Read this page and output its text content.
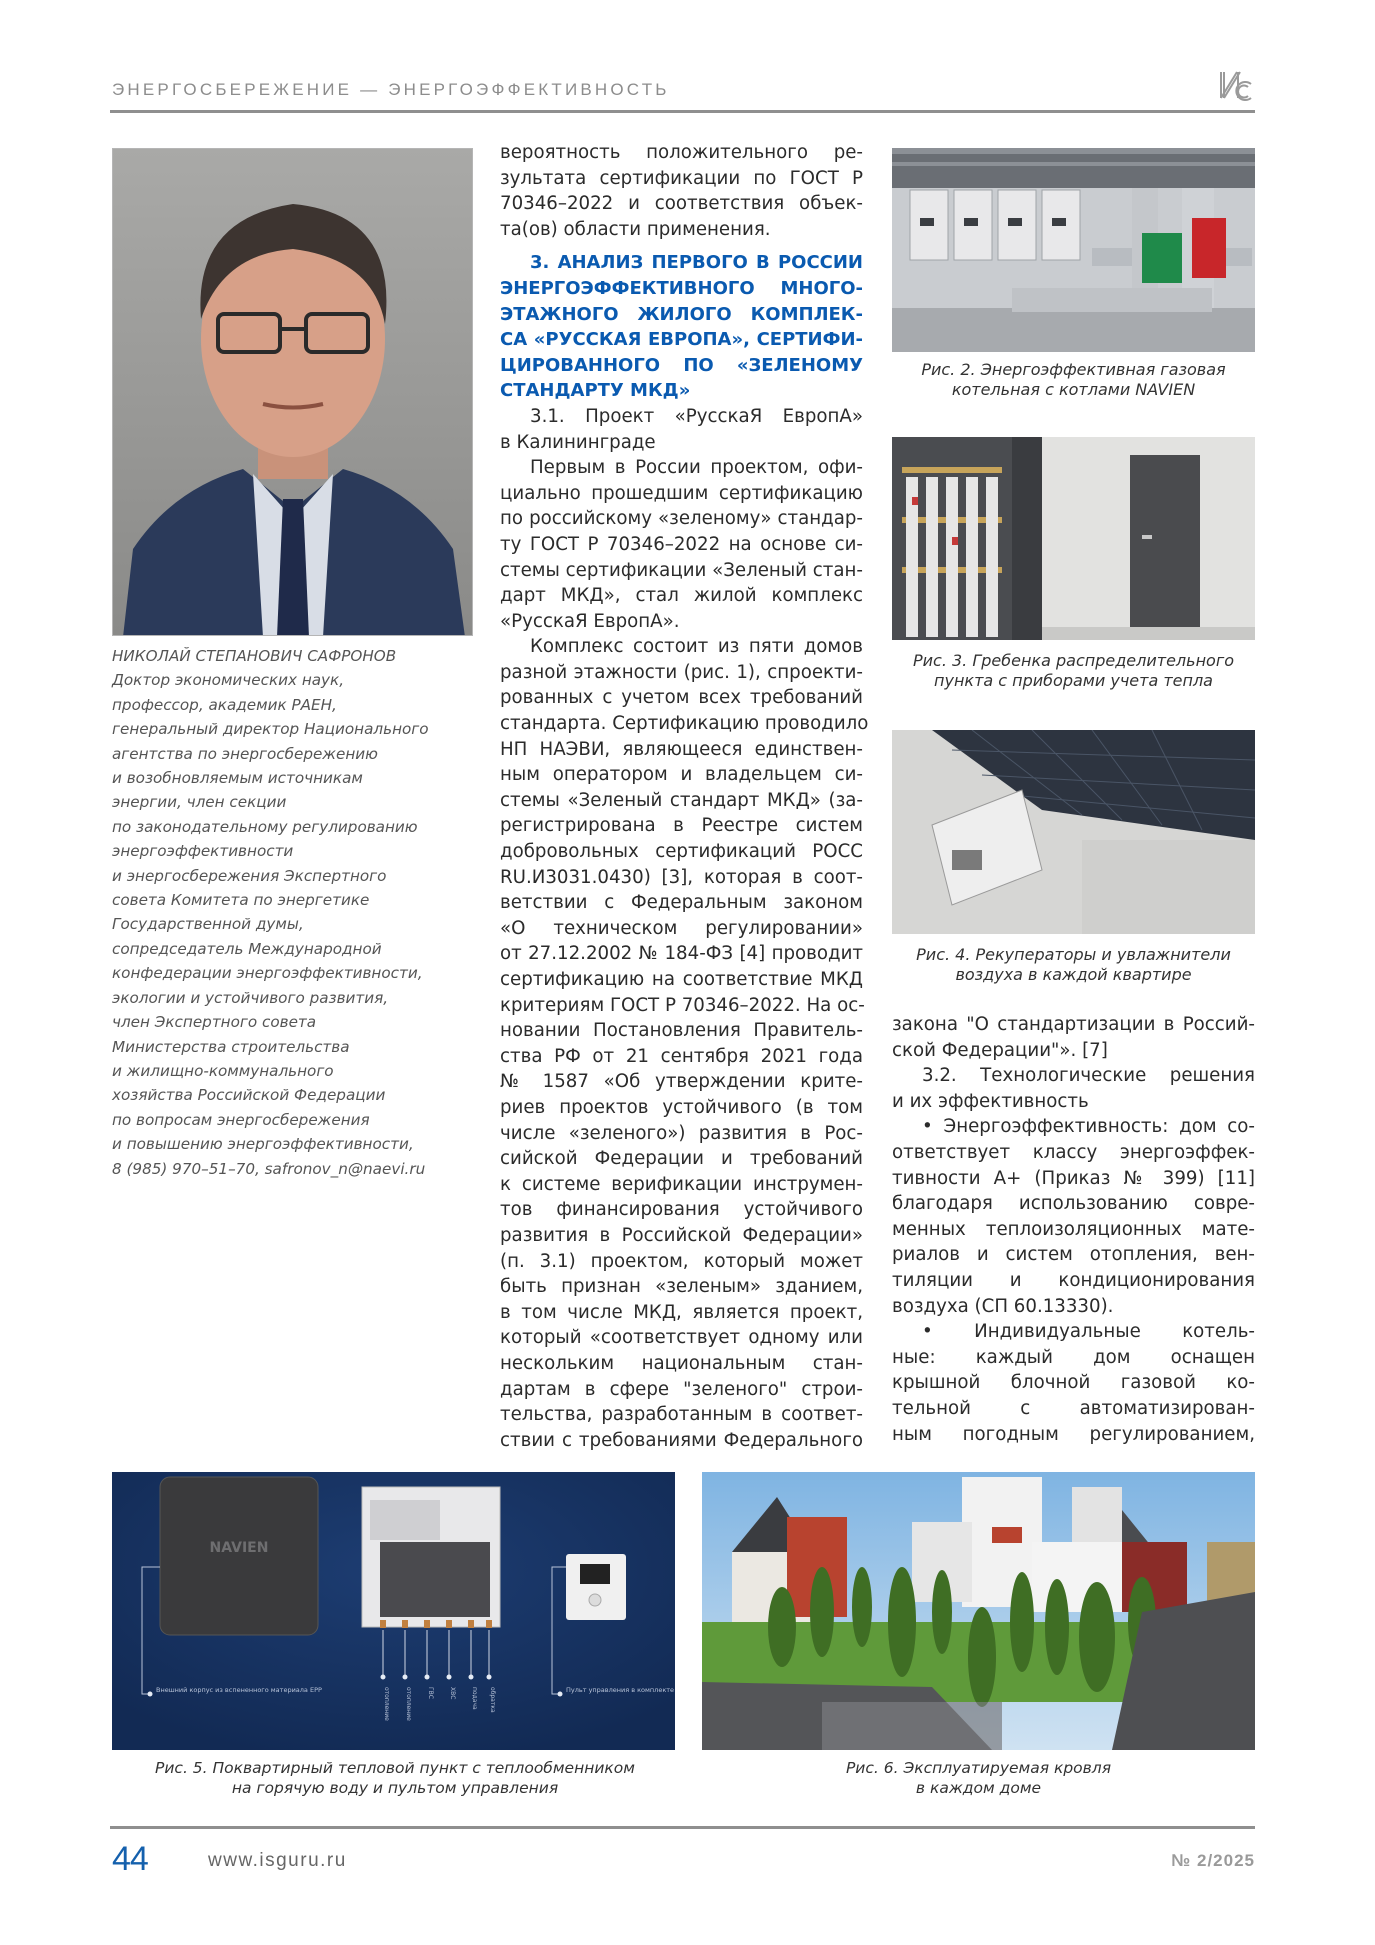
ЭНЕРГОСБЕРЕЖЕНИЕ — ЭНЕРГОЭФФЕКТИВНОСТЬ
НИКОЛАЙ СТЕПАНОВИЧ САФРОНОВ
Доктор экономических наук,
профессор, академик РАЕН,
генеральный директор Национального
агентства по энергосбережению
и возобновляемым источникам
энергии, член секции
по законодательному регулированию
энергоэффективности
и энергосбережения Экспертного
совета Комитета по энергетике
Государственной думы,
сопредседатель Международной
конфедерации энергоэффективности,
экологии и устойчивого развития,
член Экспертного совета
Министерства строительства
и жилищно-коммунального
хозяйства Российской Федерации
по вопросам энергосбережения
и повышению энергоэффективности,
8 (985) 970–51–70, safronov_n@naevi.ru
вероятность положительного ре-
зультата сертификации по ГОСТ Р
70346–2022 и соответствия объек-
та(ов) области применения.
3. АНАЛИЗ ПЕРВОГО В РОССИИ
ЭНЕРГОЭФФЕКТИВНОГО МНОГО-
ЭТАЖНОГО ЖИЛОГО КОМПЛЕК-
СА «РУССКАЯ ЕВРОПА», СЕРТИФИ-
ЦИРОВАННОГО ПО «ЗЕЛЕНОМУ
СТАНДАРТУ МКД»
3.1. Проект «РусскаЯ ЕвропА»
в Калининграде
Первым в России проектом, офи-
циально прошедшим сертификацию
по российскому «зеленому» стандар-
ту ГОСТ Р 70346–2022 на основе си-
стемы сертификации «Зеленый стан-
дарт МКД», стал жилой комплекс
«РусскаЯ ЕвропА».
Комплекс состоит из пяти домов
разной этажности (рис. 1), спроекти-
рованных с учетом всех требований
стандарта. Сертификацию проводило
НП НАЭВИ, являющееся единствен-
ным оператором и владельцем си-
стемы «Зеленый стандарт МКД» (за-
регистрирована в Реестре систем
добровольных сертификаций РОСС
RU.И3031.0430) [3], которая в соот-
ветствии с Федеральным законом
«О техническом регулировании»
от 27.12.2002 № 184-ФЗ [4] проводит
сертификацию на соответствие МКД
критериям ГОСТ Р 70346–2022. На ос-
новании Постановления Правитель-
ства РФ от 21 сентября 2021 года
№ 1587 «Об утверждении крите-
риев проектов устойчивого (в том
числе «зеленого») развития в Рос-
сийской Федерации и требований
к системе верификации инструмен-
тов финансирования устойчивого
развития в Российской Федерации»
(п. 3.1) проектом, который может
быть признан «зеленым» зданием,
в том числе МКД, является проект,
который «соответствует одному или
нескольким национальным стан-
дартам в сфере "зеленого" строи-
тельства, разработанным в соответ-
ствии с требованиями Федерального
Рис. 2. Энергоэффективная газовая
котельная с котлами NAVIEN
Рис. 3. Гребенка распределительного
пункта с приборами учета тепла
Рис. 4. Рекуператоры и увлажнители
воздуха в каждой квартире
закона "О стандартизации в Россий-
ской Федерации"». [7]
3.2. Технологические решения
и их эффективность
• Энергоэффективность: дом со-
ответствует классу энергоэффек-
тивности А+ (Приказ № 399) [11]
благодаря использованию совре-
менных теплоизоляционных мате-
риалов и систем отопления, вен-
тиляции и кондиционирования
воздуха (СП 60.13330).
• Индивидуальные котель-
ные: каждый дом оснащен
крышной блочной газовой ко-
тельной с автоматизирован-
ным погодным регулированием,
NAVIEN
Внешний корпус из вспененного материала EPP	Пульт управления в комплекте
отопление	отопление	ГВС	ХВС	подача обратка
Рис. 5. Поквартирный тепловой пункт с теплообменником
на горячую воду и пультом управления
Рис. 6. Эксплуатируемая кровля
в каждом доме
44	www.isguru.ru	№ 2/2025
